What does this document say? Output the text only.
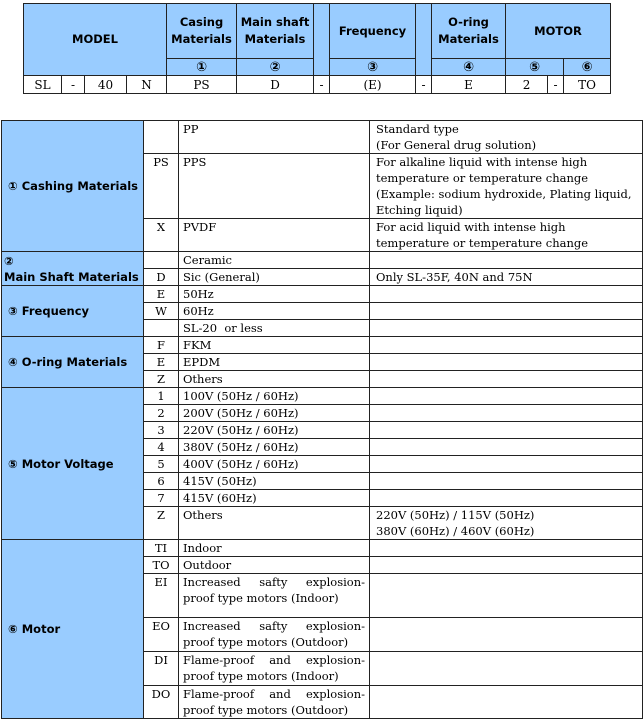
MODEL				Casing Materials	Main shaft Materials		Frequency		O-ring Materials	MOTOR		
				①	②		③		④	⑤		⑥
SL	-	40	N	PS	D	-	(E)	-	E	2	-	TO
① Cashing Materials		PP	Standard type
(For General drug solution)
	PS	PPS	For alkaline liquid with intense high temperature or temperature change
(Example: sodium hydroxide, Plating liquid, Etching liquid)
	X	PVDF	For acid liquid with intense high temperature or temperature change

②
Main Shaft Materials		Ceramic	
	D	Sic (General)	Only SL-35F, 40N and 75N
③ Frequency	E	50Hz	
	W	60Hz	
		SL-20  or less	
④ O-ring Materials	F	FKM	
	E	EPDM	
	Z	Others	
⑤ Motor Voltage	1	100V (50Hz / 60Hz)	
	2	200V (50Hz / 60Hz)	
	3	220V (50Hz / 60Hz)	
	4	380V (50Hz / 60Hz)	
	5	400V (50Hz / 60Hz)	
	6	415V (50Hz)	
	7	415V (60Hz)	
	Z	Others	220V (50Hz) / 115V (50Hz)
380V (60Hz) / 460V (60Hz)
⑥ Motor	TI	Indoor	
	TO	Outdoor	
	EI	Increased safty explosion-proof type motors (Indoor)	
	EO	Increased safty explosion-proof type motors (Outdoor)	
	DI	Flame-proof and explosion-proof type motors (Indoor)	
	DO	Flame-proof and explosion-proof type motors (Outdoor)	
